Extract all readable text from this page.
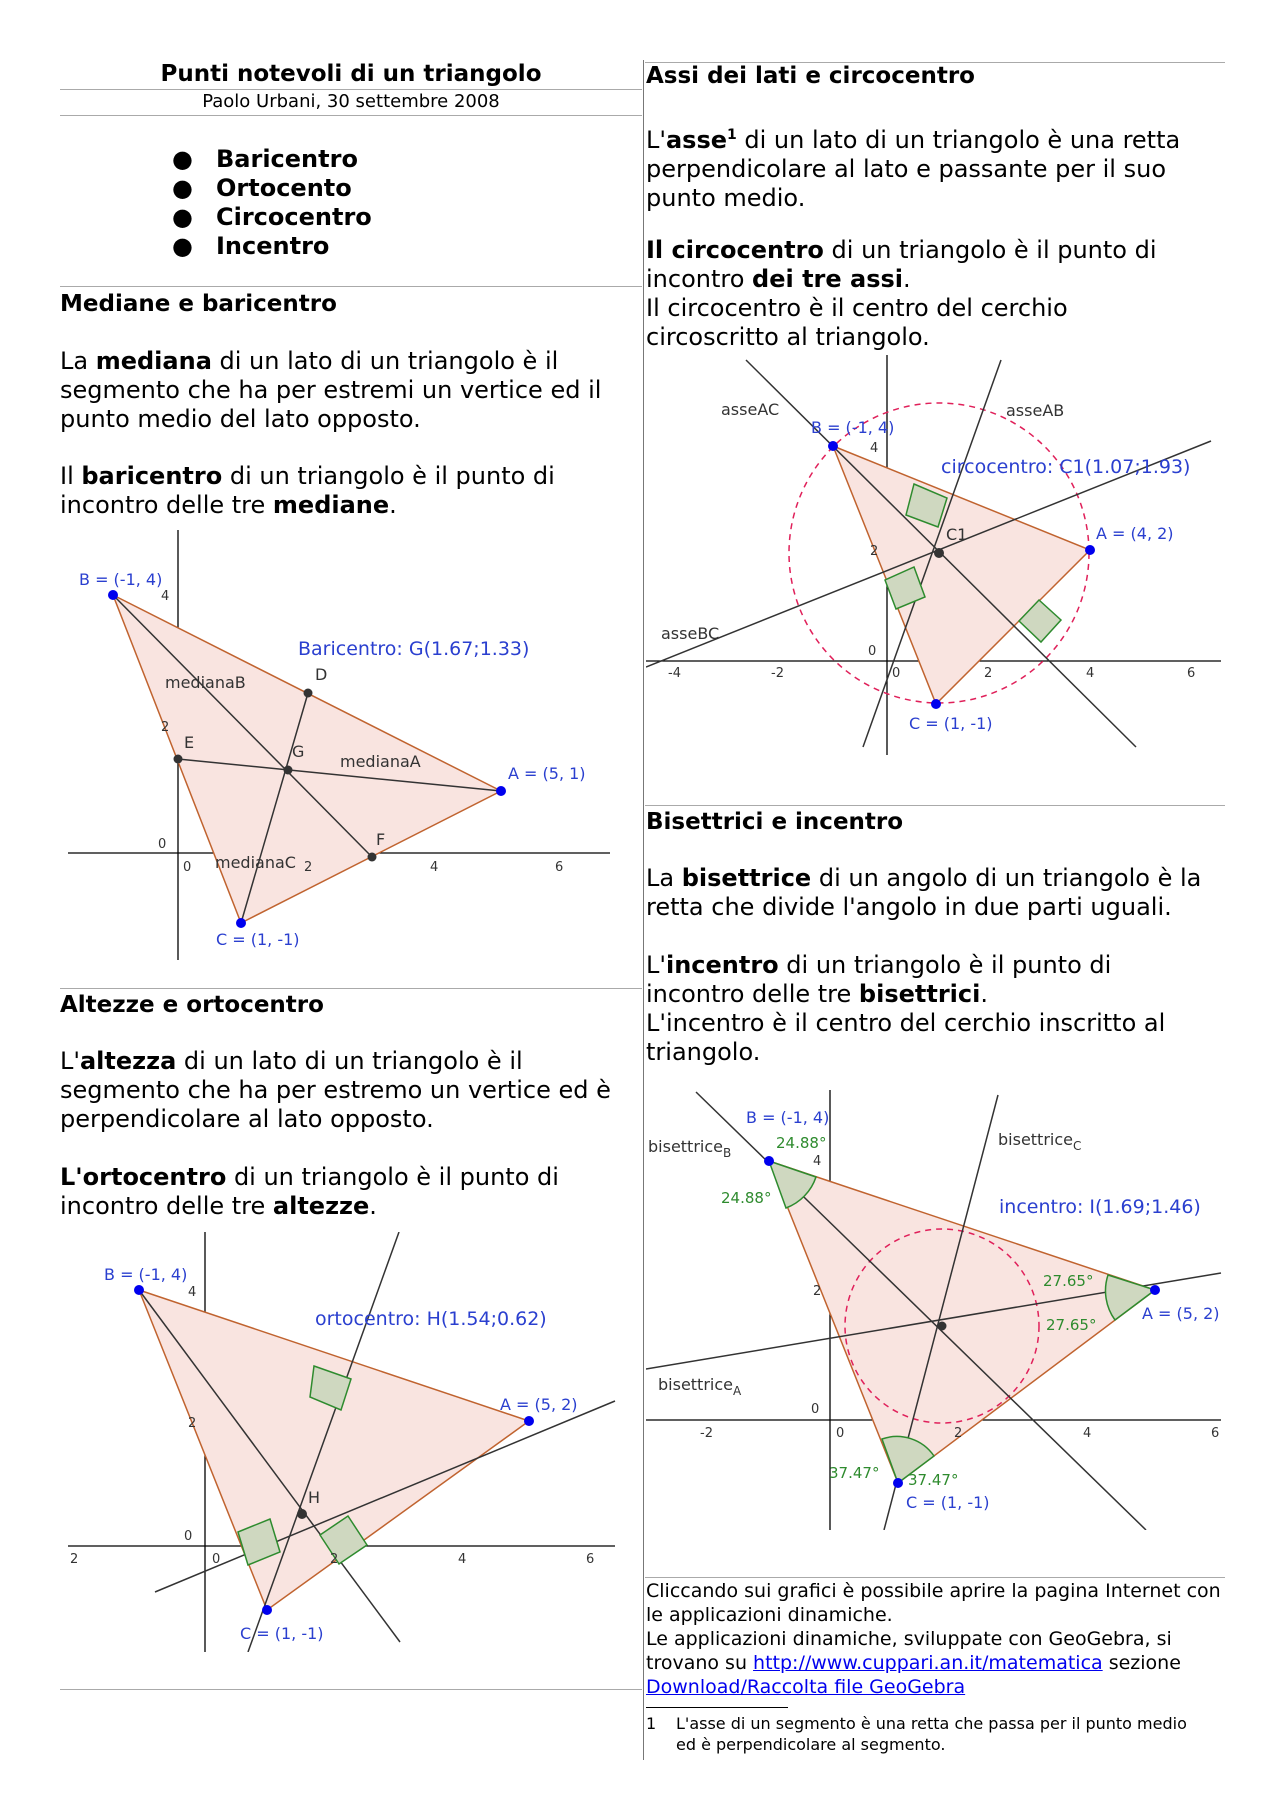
Punti notevoli di un triangolo
Paolo Urbani, 30 settembre 2008
● Baricentro
● Ortocento
● Circocentro
● Incentro
Mediane e baricentro
La mediana di un lato di un triangolo è il segmento che ha per estremi un vertice ed il punto medio del lato opposto.
Il baricentro di un triangolo è il punto di incontro delle tre mediane.
B = (-1, 4)
A = (5, 1)
C = (1, -1)
Baricentro: G(1.67;1.33)
D
E
F
G
medianaB
medianaA
medianaC
0
0	2	4	6
2
4
Altezze e ortocentro
L'altezza di un lato di un triangolo è il segmento che ha per estremo un vertice ed è perpendicolare al lato opposto.
L'ortocentro di un triangolo è il punto di incontro delle tre altezze.
B = (-1, 4)
A = (5, 2)
C = (1, -1)
ortocentro: H(1.54;0.62)
H
2	0	2	4	6
0
2
4
Assi dei lati e circocentro
L'asse$^1$ di un lato di un triangolo è una retta perpendicolare al lato e passante per il suo punto medio.
Il circocentro di un triangolo è il punto di incontro dei tre assi.
Il circocentro è il centro del cerchio circoscritto al triangolo.
B = (-1, 4)
A = (4, 2)
C = (1, -1)
circocentro: C1(1.07;1.93)
C1
asseAC	asseAB
asseBC
-4	-2	0	2	4	6
0
2
4
Bisettrici e incentro
La bisettrice di un angolo di un triangolo è la retta che divide l'angolo in due parti uguali.
L'incentro di un triangolo è il punto di incontro delle tre bisettrici.
L'incentro è il centro del cerchio inscritto al triangolo.
B = (-1, 4)
A = (5, 2)
C = (1, -1)
incentro: I(1.69;1.46)
bisettrice$_B$
bisettrice$_C$
bisettrice$_A$
24.88°
24.88°
27.65°
27.65°
37.47° 37.47°
-2	0	2	4	6
0
2
4
Cliccando sui grafici è possibile aprire la pagina Internet con le applicazioni dinamiche.
Le applicazioni dinamiche, sviluppate con GeoGebra, si trovano su http://www.cuppari.an.it/matematica sezione Download/Raccolta file GeoGebra
1 L'asse di un segmento è una retta che passa per il punto medio ed è perpendicolare al segmento.
